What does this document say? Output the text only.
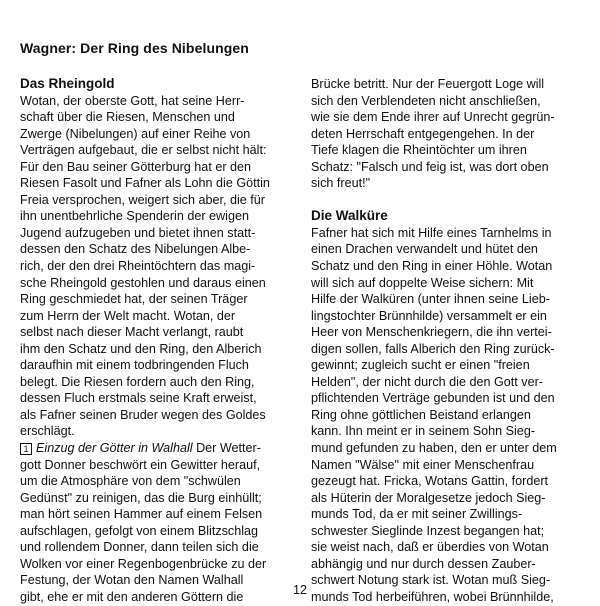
Wagner: Der Ring des Nibelungen
Das Rheingold
Wotan, der oberste Gott, hat seine Herr-
schaft über die Riesen, Menschen und
Zwerge (Nibelungen) auf einer Reihe von
Verträgen aufgebaut, die er selbst nicht hält:
Für den Bau seiner Götterburg hat er den
Riesen Fasolt und Fafner als Lohn die Göttin
Freia versprochen, weigert sich aber, die für
ihn unentbehrliche Spenderin der ewigen
Jugend aufzugeben und bietet ihnen statt-
dessen den Schatz des Nibelungen Albe-
rich, der den drei Rheintöchtern das magi-
sche Rheingold gestohlen und daraus einen
Ring geschmiedet hat, der seinen Träger
zum Herrn der Welt macht. Wotan, der
selbst nach dieser Macht verlangt, raubt
ihm den Schatz und den Ring, den Alberich
daraufhin mit einem todbringenden Fluch
belegt. Die Riesen fordern auch den Ring,
dessen Fluch erstmals seine Kraft erweist,
als Fafner seinen Bruder wegen des Goldes
erschlägt.
1 Einzug der Götter in Walhall Der Wetter-
gott Donner beschwört ein Gewitter herauf,
um die Atmosphäre von dem "schwülen
Gedünst" zu reinigen, das die Burg einhüllt;
man hört seinen Hammer auf einem Felsen
aufschlagen, gefolgt von einem Blitzschlag
und rollendem Donner, dann teilen sich die
Wolken vor einer Regenbogenbrücke zu der
Festung, der Wotan den Namen Walhall
gibt, ehe er mit den anderen Göttern die
Brücke betritt. Nur der Feuergott Loge will
sich den Verblendeten nicht anschließen,
wie sie dem Ende ihrer auf Unrecht gegrün-
deten Herrschaft entgegengehen. In der
Tiefe klagen die Rheintöchter um ihren
Schatz: "Falsch und feig ist, was dort oben
sich freut!"
Die Walküre
Fafner hat sich mit Hilfe eines Tarnhelms in
einen Drachen verwandelt und hütet den
Schatz und den Ring in einer Höhle. Wotan
will sich auf doppelte Weise sichern: Mit
Hilfe der Walküren (unter ihnen seine Lieb-
lingstochter Brünnhilde) versammelt er ein
Heer von Menschenkriegern, die ihn vertei-
digen sollen, falls Alberich den Ring zurück-
gewinnt; zugleich sucht er einen "freien
Helden", der nicht durch die den Gott ver-
pflichtenden Verträge gebunden ist und den
Ring ohne göttlichen Beistand erlangen
kann. Ihn meint er in seinem Sohn Sieg-
mund gefunden zu haben, den er unter dem
Namen "Wälse" mit einer Menschenfrau
gezeugt hat. Fricka, Wotans Gattin, fordert
als Hüterin der Moralgesetze jedoch Sieg-
munds Tod, da er mit seiner Zwillings-
schwester Sieglinde Inzest begangen hat;
sie weist nach, daß er überdies von Wotan
abhängig und nur durch dessen Zauber-
schwert Notung stark ist. Wotan muß Sieg-
munds Tod herbeiführen, wobei Brünnhilde,
12
